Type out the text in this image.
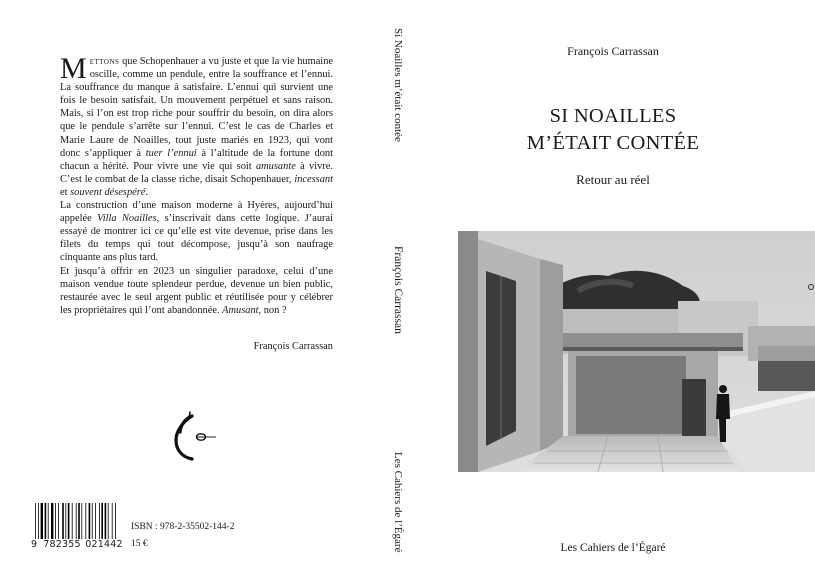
Mettons que Schopenhauer a vu juste et que la vie humaine oscille, comme un pendule, entre la souffrance et l’ennui. La souffrance du manque à satisfaire. L’ennui qui survient une fois le besoin satisfait. Un mouvement perpétuel et sans raison. Mais, si l’on est trop riche pour souffrir du besoin, on dira alors que le pendule s’arrête sur l’ennui. C’est le cas de Charles et Marie Laure de Noailles, tout juste mariés en 1923, qui vont donc s’appliquer à tuer l’ennui à l’altitude de la fortune dont chacun a hérité. Pour vivre une vie qui soit amusante à vivre. C’est le combat de la classe riche, disait Schopenhauer, incessant et souvent désespéré.

La construction d’une maison moderne à Hyères, aujourd’hui appelée Villa Noailles, s’inscrivait dans cette logique. J’aurai essayé de montrer ici ce qu’elle est vite devenue, prise dans les filets du temps qui tout décompose, jusqu’à son naufrage cinquante ans plus tard.

Et jusqu’à offrir en 2023 un singulier paradoxe, celui d’une maison vendue toute splendeur perdue, devenue un bien public, restaurée avec le seul argent public et réutilisée pour y célébrer les propriétaires qui l’ont abandonnée. Amusant, non ?

François Carrassan
9 782355 021442
ISBN : 978-2-35502-144-2
15 €
Si Noailles m’était contée
François Carrassan
Les Cahiers de l’Égaré
François Carrassan
SI NOAILLES
M’ÉTAIT CONTÉE
Retour au réel
Les Cahiers de l’Égaré
